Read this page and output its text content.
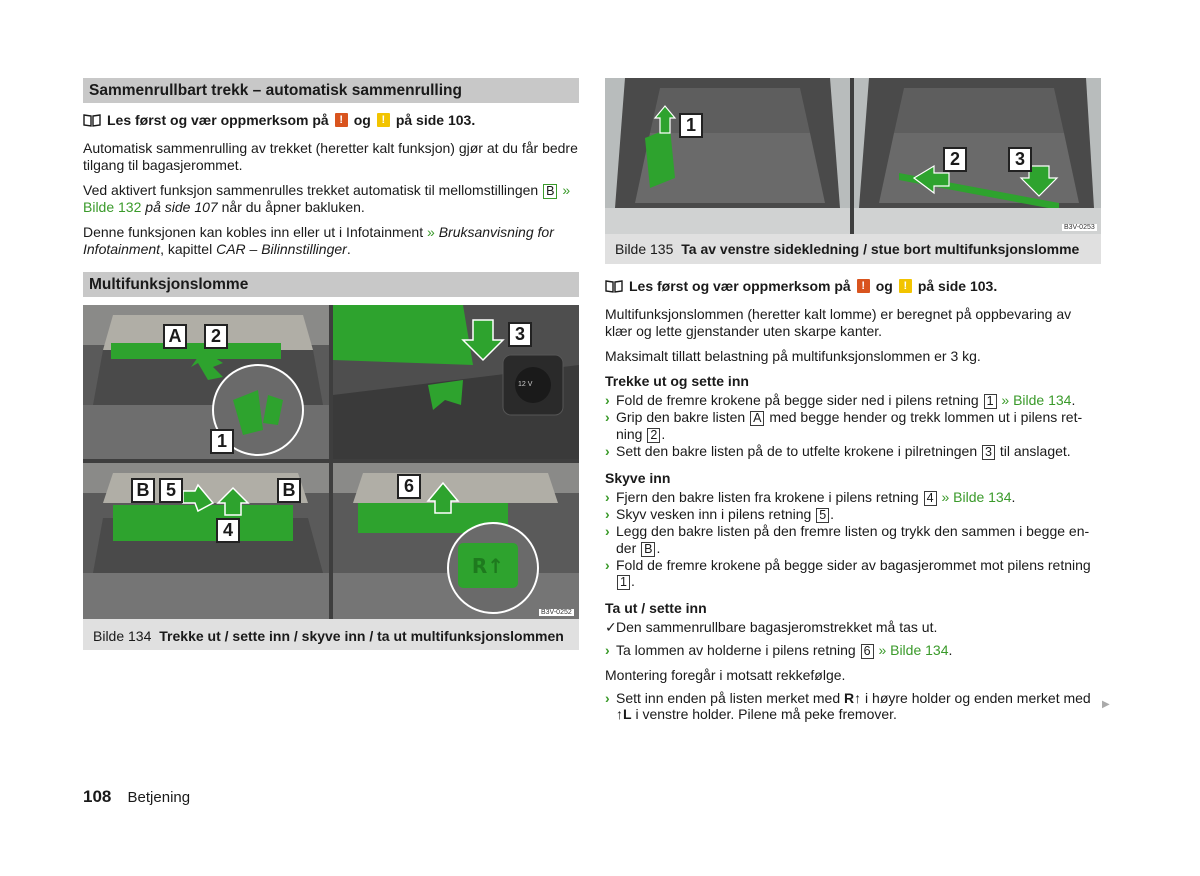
Sammenrullbart trekk – automatisk sammenrulling
Les først og vær oppmerksom på ! og ! på side 103.

Automatisk sammenrulling av trekket (heretter kalt funksjon) gjør at du får bedre tilgang til bagasjerommet.

Ved aktivert funksjon sammenrulles trekket automatisk til mellomstillingen B » Bilde 132 på side 107 når du åpner bakluken.

Denne funksjonen kan kobles inn eller ut i Infotainment » Bruksanvisning for Infotainment, kapittel CAR – Bilinnstillinger.

Multifunksjonslomme
A	2
1
3
12 V
B 5	B
4
R↑
6
B3V-0252
Bilde 134 Trekke ut / sette inn / skyve inn / ta ut multifunksjonslommen
1
2	3
B3V-0253
Bilde 135 Ta av venstre sidekledning / stue bort multifunksjonslomme
Les først og vær oppmerksom på ! og ! på side 103.

Multifunksjonslommen (heretter kalt lomme) er beregnet på oppbevaring av klær og lette gjenstander uten skarpe kanter.

Maksimalt tillatt belastning på multifunksjonslommen er 3 kg.

Trekke ut og sette inn
› Fold de fremre krokene på begge sider ned i pilens retning 1 » Bilde 134.
› Grip den bakre listen A med begge hender og trekk lommen ut i pilens ret-ning 2 .
› Sett den bakre listen på de to utfelte krokene i pilretningen 3 til anslaget.
Skyve inn
› Fjern den bakre listen fra krokene i pilens retning 4 » Bilde 134.
› Skyv vesken inn i pilens retning 5 .
› Legg den bakre listen på den fremre listen og trykk den sammen i begge en-der B .
› Fold de fremre krokene på begge sider av bagasjerommet mot pilens retning 1 .
Ta ut / sette inn
✓ Den sammenrullbare bagasjeromstrekket må tas ut.
› Ta lommen av holderne i pilens retning 6 » Bilde 134.

Montering foregår i motsatt rekkefølge.

› Sett inn enden på listen merket med R↑ i høyre holder og enden merket med ↑L i venstre holder. Pilene må peke fremover.
▶
108 Betjening
